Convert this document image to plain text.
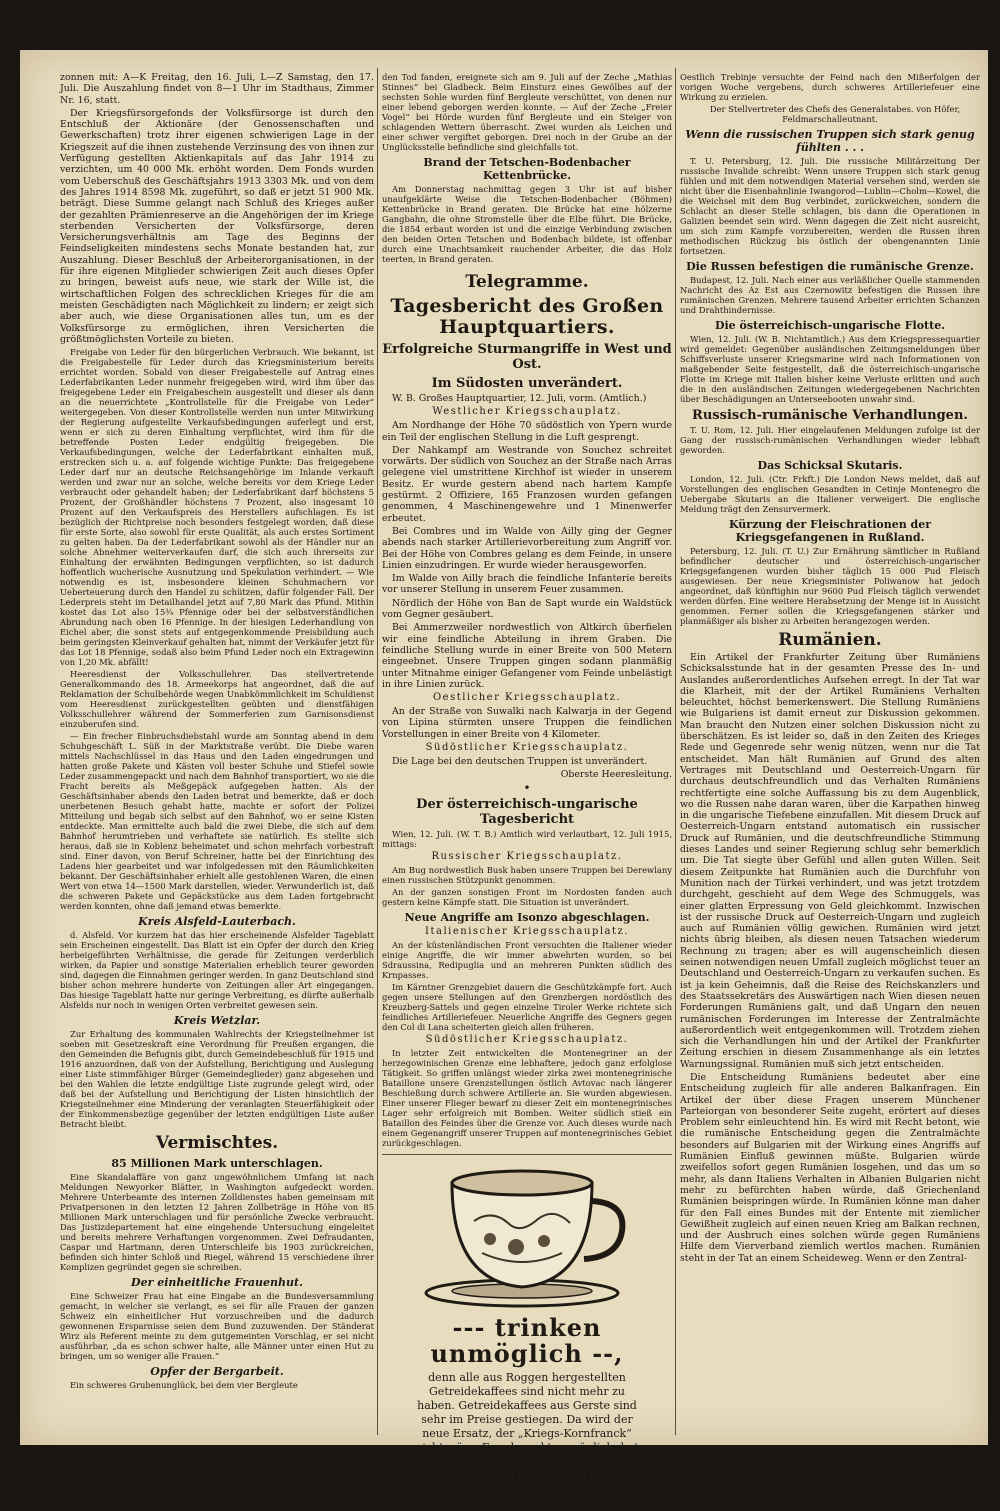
zonnen mit: A—K Freitag, den 16. Juli, L—Z Samstag, den 17. Juli. Die Auszahlung findet von 8—1 Uhr im Stadthaus, Zimmer Nr. 16, statt.

Der Kriegsfürsorgefonds der Volksfürsorge ist durch den Entschluß der Aktionäre (der Genossenschaften und Gewerkschaften) trotz ihrer eigenen schwierigen Lage in der Kriegszeit auf die ihnen zustehende Verzinsung des von ihnen zur Verfügung gestellten Aktienkapitals auf das Jahr 1914 zu verzichten, um 40 000 Mk. erhöht worden. Dem Fonds wurden vom Ueberschuß des Geschäftsjahrs 1913 3303 Mk. und von dem des Jahres 1914 8598 Mk. zugeführt, so daß er jetzt 51 900 Mk. beträgt. Diese Summe gelangt nach Schluß des Krieges außer der gezahlten Prämienreserve an die Angehörigen der im Kriege sterbenden Versicherten der Volksfürsorge, deren Versicherungsverhältnis am Tage des Beginns der Feindseligkeiten mindestens sechs Monate bestanden hat, zur Auszahlung. Dieser Beschluß der Arbeiterorganisationen, in der für ihre eigenen Mitglieder schwierigen Zeit auch dieses Opfer zu bringen, beweist aufs neue, wie stark der Wille ist, die wirtschaftlichen Folgen des schrecklichen Krieges für die am meisten Geschädigten nach Möglichkeit zu lindern; er zeigt sich aber auch, wie diese Organisationen alles tun, um es der Volksfürsorge zu ermöglichen, ihren Versicherten die größtmöglichsten Vorteile zu bieten.

Freigabe von Leder für den bürgerlichen Verbrauch. Wie bekannt, ist die Freigabestelle für Leder durch das Kriegsministerium bereits errichtet worden. Sobald von dieser Freigabestelle auf Antrag eines Lederfabrikanten Leder nunmehr freigegeben wird, wird ihm über das freigegebene Leder ein Freigabeschein ausgestellt und dieser als dann an die neuerrichtete „Kontrollstelle für die Freigabe von Leder“ weitergegeben. Von dieser Kontrollstelle werden nun unter Mitwirkung der Regierung aufgestellte Verkaufsbedingungen auferlegt und erst, wenn er sich zu deren Einhaltung verpflichtet, wird ihm für die betreffende Posten Leder endgültig freigegeben. Die Verkaufsbedingungen, welche der Lederfabrikant einhalten muß, erstrecken sich u. a. auf folgende wichtige Punkte: Das freigegebene Leder darf nur an deutsche Reichsangehörige im Inlande verkauft werden und zwar nur an solche, welche bereits vor dem Kriege Leder verbraucht oder gehandelt haben; der Lederfabrikant darf höchstens 5 Prozent, der Großhändler höchstens 7 Prozent, also insgesamt 10 Prozent auf den Verkaufspreis des Herstellers aufschlagen. Es ist bezüglich der Richtpreise noch besonders festgelegt worden, daß diese für erste Sorte, also sowohl für erste Qualität, als auch erstes Sortiment zu gelten haben. Da der Lederfabrikant sowohl als der Händler nur an solche Abnehmer weiterverkaufen darf, die sich auch ihrerseits zur Einhaltung der erwähnten Bedingungen verpflichten, so ist dadurch hoffentlich wucherische Ausnutzung und Spekulation verhindert. — Wie notwendig es ist, insbesondere kleinen Schuhmachern vor Ueberteuerung durch den Handel zu schützen, dafür folgender Fall. Der Lederpreis steht im Detailhandel jetzt auf 7,80 Mark das Pfund. Mithin kostet das Lot also 15¾ Pfennige oder bei der selbstverständlichen Abrundung nach oben 16 Pfennige. In der hiesigen Lederhandlung von Eichel aber, die sonst stets auf entgegenkommende Preisbildung auch beim geringsten Kleinverkauf gehalten hat, nimmt der Verkäufer jetzt für das Lot 18 Pfennige, sodaß also beim Pfund Leder noch ein Extragewinn von 1,20 Mk. abfällt!

Heeresdienst der Volksschullehrer. Das stellvertretende Generalkommando des 18. Armeekorps hat angeordnet, daß die auf Reklamation der Schulbehörde wegen Unabkömmlichkeit im Schuldienst vom Heeresdienst zurückgestellten geübten und dienstfähigen Volksschullehrer während der Sommerferien zum Garnisonsdienst einzuberufen sind.

— Ein frecher Einbruchsdiebstahl wurde am Sonntag abend in dem Schuhgeschäft L. Süß in der Marktstraße verübt. Die Diebe waren mittels Nachschlüssel in das Haus und den Laden eingedrungen und hatten große Pakete und Kästen voll bester Schuhe und Stiefel sowie Leder zusammengepackt und nach dem Bahnhof transportiert, wo sie die Fracht bereits als Meßgepäck aufgegeben hatten. Als der Geschäftsinhaber abends den Laden betrat und bemerkte, daß er doch unerbetenen Besuch gehabt hatte, machte er sofort der Polizei Mitteilung und begab sich selbst auf den Bahnhof, wo er seine Kisten entdeckte. Man ermittelte auch bald die zwei Diebe, die sich auf dem Bahnhof herumtrieben und verhaftete sie natürlich. Es stellte sich heraus, daß sie in Koblenz beheimatet und schon mehrfach vorbestraft sind. Einer davon, von Beruf Schreiner, hatte bei der Einrichtung des Ladens hier gearbeitet und war infolgedessen mit den Räumlichkeiten bekannt. Der Geschäftsinhaber erhielt alle gestohlenen Waren, die einen Wert von etwa 14—1500 Mark darstellen, wieder. Verwunderlich ist, daß die schweren Pakete und Gepäckstücke aus dem Laden fortgebracht werden konnten, ohne daß jemand etwas bemerkte.

Kreis Alsfeld-Lauterbach.

d. Alsfeld. Vor kurzem hat das hier erscheinende Alsfelder Tageblatt sein Erscheinen eingestellt. Das Blatt ist ein Opfer der durch den Krieg herbeigeführten Verhältnisse, die gerade für Zeitungen verderblich wirken, da Papier und sonstige Materialien erheblich teurer geworden sind, dagegen die Einnahmen geringer werden. In ganz Deutschland sind bisher schon mehrere hunderte von Zeitungen aller Art eingegangen. Das hiesige Tageblatt hatte nur geringe Verbreitung, es dürfte außerhalb Alsfelds nur noch in wenigen Orten verbreitet gewesen sein.

Kreis Wetzlar.

Zur Erhaltung des kommunalen Wahlrechts der Kriegsteilnehmer ist soeben mit Gesetzeskraft eine Verordnung für Preußen ergangen, die den Gemeinden die Befugnis gibt, durch Gemeindebeschluß für 1915 und 1916 anzuordnen, daß von der Aufstellung, Berichtigung und Auslegung einer Liste stimmfähiger Bürger (Gemeindeglieder) ganz abgesehen und bei den Wahlen die letzte endgültige Liste zugrunde gelegt wird, oder daß bei der Aufstellung und Berichtigung der Listen hinsichtlich der Kriegsteilnehmer eine Minderung der veranlagten Steuerfähigkeit oder der Einkommensbezüge gegenüber der letzten endgültigen Liste außer Betracht bleibt.

Vermischtes.
85 Millionen Mark unterschlagen.

Eine Skandalaffäre von ganz ungewöhnlichem Umfang ist nach Meldungen Newyorker Blätter, in Washington aufgedeckt worden. Mehrere Unterbeamte des internen Zolldienstes haben gemeinsam mit Privatpersonen in den letzten 12 Jahren Zollbeträge in Höhe von 85 Millionen Mark unterschlagen und für persönliche Zwecke verbraucht. Das Justizdepartement hat eine eingehende Untersuchung eingeleitet und bereits mehrere Verhaftungen vorgenommen. Zwei Defraudanten, Caspar und Hartmann, deren Unterschleife bis 1903 zurückreichen, befinden sich hinter Schloß und Riegel, während 15 verschiedene ihrer Komplizen gegründet gegen sie schreiben.

Der einheitliche Frauenhut.

Eine Schweizer Frau hat eine Eingabe an die Bundesversammlung gemacht, in welcher sie verlangt, es sei für alle Frauen der ganzen Schweiz ein einheitlicher Hut vorzuschreiben und die dadurch gewonnenen Ersparnisse seien dem Bund zuzuwenden. Der Ständerat Wirz als Referent meinte zu dem gutgemeinten Vorschlag, er sei nicht ausführbar, „da es schon schwer halte, alle Männer unter einen Hut zu bringen, um so weniger alle Frauen.“

Opfer der Bergarbeit.

Ein schweres Grubenunglück, bei dem vier Bergleute

den Tod fanden, ereignete sich am 9. Juli auf der Zeche „Mathias Stinnes“ bei Gladbeck. Beim Einsturz eines Gewölbes auf der sechsten Sohle wurden fünf Bergleute verschüttet, von denen nur einer lebend geborgen werden konnte. — Auf der Zeche „Freier Vogel“ bei Hörde wurden fünf Bergleute und ein Steiger von schlagenden Wettern überrascht. Zwei wurden als Leichen und einer schwer vergiftet geborgen. Drei noch in der Grube an der Unglücksstelle befindliche sind gleichfalls tot.

Brand der Tetschen-Bodenbacher Kettenbrücke.

Am Donnerstag nachmittag gegen 3 Uhr ist auf bisher unaufgeklärte Weise die Tetschen-Bodenbacher (Böhmen) Kettenbrücke in Brand geraten. Die Brücke hat eine hölzerne Gangbahn, die ohne Stromstelle über die Elbe führt. Die Brücke, die 1854 erbaut worden ist und die einzige Verbindung zwischen den beiden Orten Tetschen und Bodenbach bildete, ist offenbar durch eine Unachtsamkeit rauchender Arbeiter, die das Holz teerten, in Brand geraten.

Telegramme.
Tagesbericht des Großen Hauptquartiers.
Erfolgreiche Sturmangriffe in West und Ost.
Im Südosten unverändert.

W. B. Großes Hauptquartier, 12. Juli, vorm. (Amtlich.)

Westlicher Kriegsschauplatz.

Am Nordhange der Höhe 70 südöstlich von Ypern wurde ein Teil der englischen Stellung in die Luft gesprengt.

Der Nahkampf am Westrande von Souchez schreitet vorwärts. Der südlich von Souchez an der Straße nach Arras gelegene viel umstrittene Kirchhof ist wieder in unserem Besitz. Er wurde gestern abend nach hartem Kampfe gestürmt. 2 Offiziere, 165 Franzosen wurden gefangen genommen, 4 Maschinengewehre und 1 Minenwerfer erbeutet.

Bei Combres und im Walde von Ailly ging der Gegner abends nach starker Artillerievorbereitung zum Angriff vor. Bei der Höhe von Combres gelang es dem Feinde, in unsere Linien einzudringen. Er wurde wieder herausgeworfen.

Im Walde von Ailly brach die feindliche Infanterie bereits vor unserer Stellung in unserem Feuer zusammen.

Nördlich der Höhe von Ban de Sapt wurde ein Waldstück vom Gegner gesäubert.

Bei Ammerzweiler nordwestlich von Altkirch überfielen wir eine feindliche Abteilung in ihrem Graben. Die feindliche Stellung wurde in einer Breite von 500 Metern eingeebnet. Unsere Truppen gingen sodann planmäßig unter Mitnahme einiger Gefangener vom Feinde unbelästigt in ihre Linien zurück.

Oestlicher Kriegsschauplatz.

An der Straße von Suwalki nach Kalwarja in der Gegend von Lipina stürmten unsere Truppen die feindlichen Vorstellungen in einer Breite von 4 Kilometer.

Südöstlicher Kriegsschauplatz.

Die Lage bei den deutschen Truppen ist unverändert.

Oberste Heeresleitung.

•
Der österreichisch-ungarische Tagesbericht

Wien, 12. Juli. (W. T. B.) Amtlich wird verlautbart, 12. Juli 1915, mittags:

Russischer Kriegsschauplatz.

Am Bug nordwestlich Busk haben unsere Truppen bei Derewlany einen russischen Stützpunkt genommen.

An der ganzen sonstigen Front im Nordosten fanden auch gestern keine Kämpfe statt. Die Situation ist unverändert.

Neue Angriffe am Isonzo abgeschlagen.
Italienischer Kriegsschauplatz.

An der küstenländischen Front versuchten die Italiener wieder einige Angriffe, die wir immer abwehrten wurden, so bei Sdraussina, Redipuglia und an mehreren Punkten südlich des Krnpasses.

Im Kärntner Grenzgebiet dauern die Geschützkämpfe fort. Auch gegen unsere Stellungen auf den Grenzbergen nordöstlich des Kreuzberg-Sattels und gegen einzelne Tiroler Werke richtete sich feindliches Artilleriefeuer. Neuerliche Angriffe des Gegners gegen den Col di Lana scheiterten gleich allen früheren.

Südöstlicher Kriegsschauplatz.

In letzter Zeit entwickelten die Montenegriner an der herzegowinischen Grenze eine lebhaftere, jedoch ganz erfolglose Tätigkeit. So griffen unlängst wieder zirka zwei montenegrinische Bataillone unsere Grenzstellungen östlich Avtovac nach längerer Beschießung durch schwere Artillerie an. Sie wurden abgewiesen. Einer unserer Flieger bewarf zu dieser Zeit ein montenegrinisches Lager sehr erfolgreich mit Bomben. Weiter südlich stieß ein Bataillon des Feindes über die Grenze vor. Auch dieses wurde nach einem Gegenangriff unserer Truppen auf montenegrinisches Gebiet zurückgeschlagen.

--- trinken
unmöglich --,

denn alle aus Roggen hergestellten Getreidekaffees sind nicht mehr zu haben. Getreidekaffees aus Gerste sind sehr im Preise gestiegen. Da wird der neue Ersatz, der „Kriegs-Kornfranck“ nicht wäre: Er schmeckt vorzüglich, hat eine schöne kaffeebraune Farbe; er ist sehr ausgiebig und deshalb billig. Ganzes Paket 50 Pfg., halbes Paket 26 Pfg.

Oestlich Trebinje versuchte der Feind nach den Mißerfolgen der vorigen Woche vergebens, durch schweres Artilleriefeuer eine Wirkung zu erzielen.

Der Stellvertreter des Chefs des Generalstabes. von Höfer, Feldmarschalleutnant.

Wenn die russischen Truppen sich stark genug fühlten . . .

T. U. Petersburg, 12. Juli. Die russische Militärzeitung Der russische Invalide schreibt: Wenn unsere Truppen sich stark genug fühlen und mit dem notwendigen Material versehen sind, werden sie nicht über die Eisenbahnlinie Iwangorod—Lublin—Cholm—Kowel, die die Weichsel mit dem Bug verbindet, zurückweichen, sondern die Schlacht an dieser Stelle schlagen, bis dann die Operationen in Galizien beendet sein wird. Wenn dagegen die Zeit nicht ausreicht, um sich zum Kampfe vorzubereiten, werden die Russen ihren methodischen Rückzug bis östlich der obengenannten Linie fortsetzen.

Die Russen befestigen die rumänische Grenze.

Budapest, 12. Juli. Nach einer aus verläßlicher Quelle stammenden Nachricht des Az Est aus Czernowitz befestigen die Russen ihre rumänischen Grenzen. Mehrere tausend Arbeiter errichten Schanzen und Drahthindernisse.

Die österreichisch-ungarische Flotte.

Wien, 12. Juli. (W. B. Nichtamtlich.) Aus dem Kriegspressequartier wird gemeldet: Gegenüber ausländischen Zeitungsmeldungen über Schiffsverluste unserer Kriegsmarine wird nach Informationen von maßgebender Seite festgestellt, daß die österreichisch-ungarische Flotte im Kriege mit Italien bisher keine Verluste erlitten und auch die in den ausländischen Zeitungen wiedergegebenen Nachrichten über Beschädigungen an Unterseebooten unwahr sind.

Russisch-rumänische Verhandlungen.

T. U. Rom, 12. Juli. Hier eingelaufenen Meldungen zufolge ist der Gang der russisch-rumänischen Verhandlungen wieder lebhaft geworden.

Das Schicksal Skutaris.

London, 12. Juli. (Ctr. Frkft.) Die London News meldet, daß auf Vorstellungen des englischen Gesandten in Cetinje Montenegro die Uebergabe Skutaris an die Italiener verweigert. Die englische Meldung trägt den Zensurvermerk.

Kürzung der Fleischrationen der Kriegsgefangenen in Rußland.

Petersburg, 12. Juli. (T. U.) Zur Ernährung sämtlicher in Rußland befindlicher deutscher und österreichisch-ungarischer Kriegsgefangenen wurden bisher täglich 15 000 Pud Fleisch ausgewiesen. Der neue Kriegsminister Poliwanow hat jedoch angeordnet, daß künftighin nur 9600 Pud Fleisch täglich verwendet werden dürfen. Eine weitere Herabsetzung der Menge ist in Aussicht genommen. Ferner sollen die Kriegsgefangenen stärker und planmäßiger als bisher zu Arbeiten herangezogen werden.

Rumänien.

Ein Artikel der Frankfurter Zeitung über Rumäniens Schicksalsstunde hat in der gesamten Presse des In- und Auslandes außerordentliches Aufsehen erregt. In der Tat war die Klarheit, mit der der Artikel Rumäniens Verhalten beleuchtet, höchst bemerkenswert. Die Stellung Rumäniens wie Bulgariens ist damit erneut zur Diskussion gekommen. Man braucht den Nutzen einer solchen Diskussion nicht zu überschätzen. Es ist leider so, daß in den Zeiten des Krieges Rede und Gegenrede sehr wenig nützen, wenn nur die Tat entscheidet. Man hält Rumänien auf Grund des alten Vertrages mit Deutschland und Oesterreich-Ungarn für durchaus deutschfreundlich und das Verhalten Rumäniens rechtfertigte eine solche Auffassung bis zu dem Augenblick, wo die Russen nahe daran waren, über die Karpathen hinweg in die ungarische Tiefebene einzufallen. Mit diesem Druck auf Oesterreich-Ungarn entstand automatisch ein russischer Druck auf Rumänien, und die deutschfreundliche Stimmung dieses Landes und seiner Regierung schlug sehr bemerklich um. Die Tat siegte über Gefühl und allen guten Willen. Seit diesem Zeitpunkte hat Rumänien auch die Durchfuhr von Munition nach der Türkei verhindert, und was jetzt trotzdem durchgeht, geschieht auf dem Wege des Schmuggels, was einer glatten Erpressung von Geld gleichkommt. Inzwischen ist der russische Druck auf Oesterreich-Ungarn und zugleich auch auf Rumänien völlig gewichen. Rumänien wird jetzt nichts übrig bleiben, als diesen neuen Tatsachen wiederum Rechnung zu tragen; aber es will augenscheinlich diesen seinen notwendigen neuen Umfall zugleich möglichst teuer an Deutschland und Oesterreich-Ungarn zu verkaufen suchen. Es ist ja kein Geheimnis, daß die Reise des Reichskanzlers und des Staatssekretärs des Auswärtigen nach Wien diesen neuen Forderungen Rumäniens galt, und daß Ungarn den neuen rumänischen Forderungen im Interesse der Zentralmächte außerordentlich weit entgegenkommen will. Trotzdem ziehen sich die Verhandlungen hin und der Artikel der Frankfurter Zeitung erschien in diesem Zusammenhange als ein letztes Warnungssignal. Rumänien muß sich jetzt entscheiden.

Die Entscheidung Rumäniens bedeutet aber eine Entscheidung zugleich für alle anderen Balkanfragen. Ein Artikel der über diese Fragen unserem Münchener Parteiorgan von besonderer Seite zugeht, erörtert auf dieses Problem sehr einleuchtend hin. Es wird mit Recht betont, wie die rumänische Entscheidung gegen die Zentralmächte besonders auf Bulgarien mit der Wirkung eines Angriffs auf Rumänien Einfluß gewinnen müßte. Bulgarien würde zweifellos sofort gegen Rumänien losgehen, und das um so mehr, als dann Italiens Verhalten in Albanien Bulgarien nicht mehr zu befürchten haben würde, daß Griechenland Rumänien beispringen würde. In Rumänien könne man daher für den Fall eines Bundes mit der Entente mit ziemlicher Gewißheit zugleich auf einen neuen Krieg am Balkan rechnen, und der Ausbruch eines solchen würde gegen Rumäniens Hilfe dem Vierverband ziemlich wertlos machen. Rumänien steht in der Tat an einem Scheideweg. Wenn er den Zentral-
